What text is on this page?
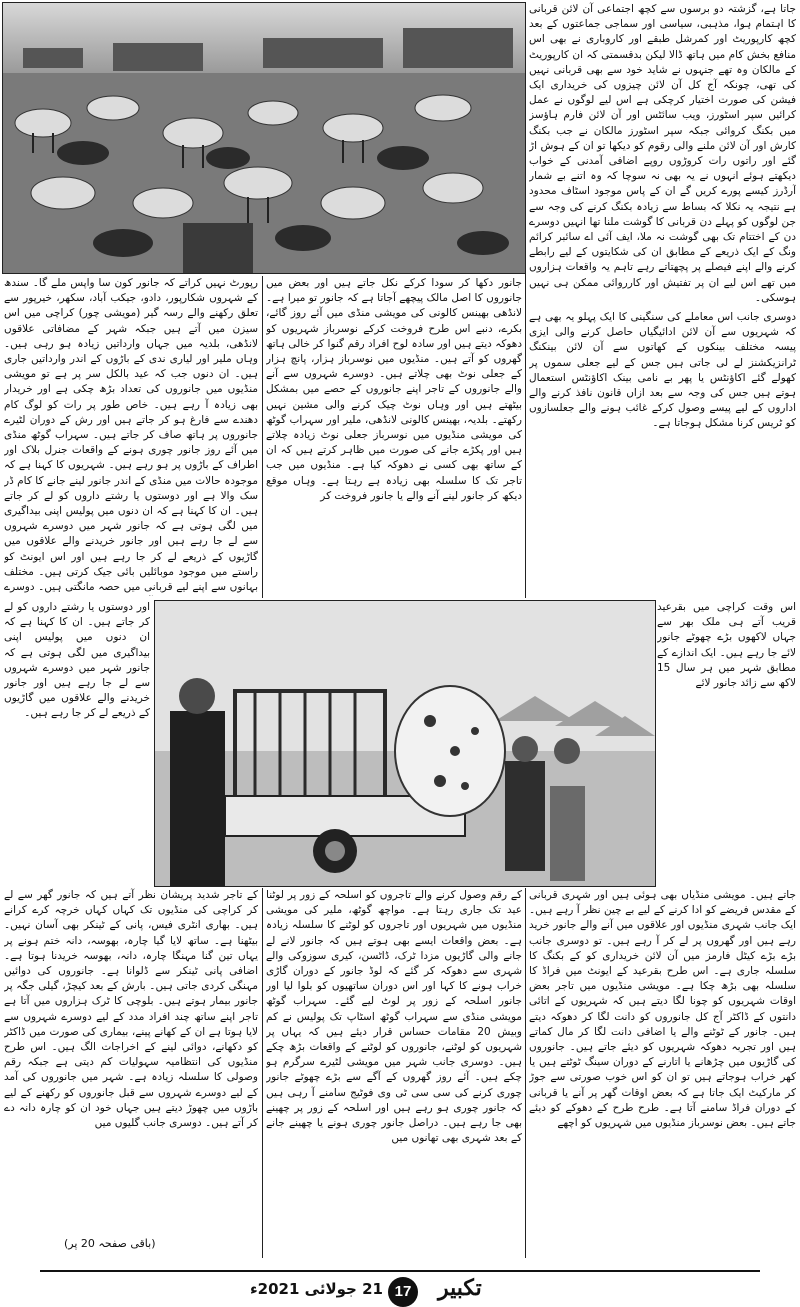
جاتا ہے، گزشتہ دو برسوں سے کچھ اجتماعی آن لائن قربانی کا اہتمام ہوا، مذہبی، سیاسی اور سماجی جماعتوں کے بعد کچھ کارپوریٹ اور کمرشل طبقے اور کاروباری نے بھی اس منافع بخش کام میں ہاتھ ڈالا لیکن بدقسمتی کہ ان کارپوریٹ کے مالکان وہ تھے جنہوں نے شاید خود سے بھی قربانی نہیں کی تھی، چونکہ آج کل آن لائن چیزوں کی خریداری ایک فیشن کی صورت اختیار کرچکی ہے اس لیے لوگوں نے عمل کرائیں سپر اسٹورز، ویب سائٹس اور آن لائن فارم ہاؤسز میں بکنگ کروائی جبکہ سپر اسٹورز مالکان نے جب بکنگ کارش اور آن لائن ملنے والی رقوم کو دیکھا تو ان کے ہوش اڑ گئے اور راتوں رات کروڑوں روپے اضافی آمدنی کے خواب دیکھتے ہوئے انہوں نے یہ بھی نہ سوچا کہ وہ اتنے بے شمار آرڈرز کیسے پورے کریں گے ان کے پاس موجود اسٹاف محدود ہے نتیجہ یہ نکلا کہ بساط سے زیادہ بکنگ کرنے کی وجہ سے جن لوگوں کو پہلے دن قربانی کا گوشت ملنا تھا انہیں دوسرے دن کے اختتام تک بھی گوشت نہ ملا، ایف آئی اے سائبر کرائم ونگ کے ایک ذریعے کے مطابق ان کی شکایتوں کے لیے رابطے کرنے والے اپنے فیصلے پر پچھتاتے رہے تاہم یہ واقعات ہزاروں میں تھے اس لیے ان پر تفتیش اور کارروائی ممکن ہی نہیں ہوسکی۔

دوسری جانب اس معاملے کی سنگینی کا ایک پہلو یہ بھی ہے کہ شہریوں سے آن لائن ادائیگیاں حاصل کرنے والی ایزی پیسہ مختلف بینکوں کے کھاتوں سے آن لائن بینکنگ ٹرانزیکشنز لے لی جاتی ہیں جس کے لیے جعلی سموں پر کھولے گئے اکاؤنٹس یا پھر بے نامی بینک اکاؤنٹس استعمال ہوتے ہیں جس کی وجہ سے بعد ازاں قانون نافذ کرنے والے اداروں کے لیے پیسے وصول کرکے غائب ہونے والے جعلسازوں کو ٹریس کرنا مشکل ہوجاتا ہے۔

اس وقت کراچی میں بقرعید قریب آتے ہی ملک بھر سے جہاں لاکھوں بڑے چھوٹے جانور لائے جا رہے ہیں۔ ایک اندازے کے مطابق شہر میں ہر سال 15 لاکھ سے زائد جانور لائے

جانور دکھا کر سودا کرکے نکل جاتے ہیں اور بعض میں جانوروں کا اصل مالک پیچھے آجاتا ہے کہ جانور تو میرا ہے۔ لانڈھی بھینس کالونی کی مویشی منڈی میں آئے روز گائے، بکرے، دنبے اس طرح فروخت کرکے نوسرباز شہریوں کو دھوکہ دیتے ہیں اور سادہ لوح افراد رقم گنوا کر خالی ہاتھ گھروں کو آتے ہیں۔ منڈیوں میں نوسرباز ہزار، پانچ ہزار کے جعلی نوٹ بھی چلاتے ہیں۔ دوسرے شہروں سے آنے والے جانوروں کے تاجر اپنے جانوروں کے حصے میں بمشکل بیٹھتے ہیں اور وہاں نوٹ چیک کرنے والی مشین نہیں رکھتے۔ بلدیہ، بھینس کالونی لانڈھی، ملیر اور سہراب گوٹھ کی مویشی منڈیوں میں نوسرباز جعلی نوٹ زیادہ چلاتے ہیں اور پکڑے جانے کی صورت میں ظاہر کرتے ہیں کہ ان کے ساتھ بھی کسی نے دھوکہ کیا ہے۔ منڈیوں میں جب تاجر تک کا سلسلہ بھی زیادہ ہے رہتا ہے۔ وہاں موقع دیکھ کر جانور لینے آنے والے یا جانور فروخت کر

رپورٹ نہیں کراتے کہ جانور کون سا واپس ملے گا۔ سندھ کے شہروں شکارپور، دادو، جیکب آباد، سکھر، خیرپور سے تعلق رکھنے والے رسہ گیر (مویشی چور) کراچی میں اس سیزن میں آتے ہیں جبکہ شہر کے مضافاتی علاقوں لانڈھی، بلدیہ میں جہاں وارداتیں زیادہ ہو رہی ہیں۔ وہاں ملیر اور لیاری ندی کے باڑوں کے اندر وارداتیں جاری ہیں۔ ان دنوں جب کہ عید بالکل سر پر ہے تو مویشی منڈیوں میں جانوروں کی تعداد بڑھ چکی ہے اور خریدار بھی زیادہ آ رہے ہیں۔ خاص طور پر رات کو لوگ کام دھندے سے فارغ ہو کر جاتے ہیں اور رش کے دوران لٹیرے جانوروں پر ہاتھ صاف کر جاتے ہیں۔ سہراب گوٹھ منڈی میں آئے روز جانور چوری ہونے کے واقعات جنرل بلاک اور اطراف کے باڑوں پر ہو رہے ہیں۔ شہریوں کا کہنا ہے کہ موجودہ حالات میں منڈی کے اندر جانور لینے جانے کا کام ڈر سک والا ہے اور دوستوں یا رشتے داروں کو لے کر جاتے ہیں۔ ان کا کہنا ہے کہ ان دنوں میں پولیس اپنی بیداگیری میں لگی ہوتی ہے کہ جانور شہر میں دوسرے شہروں سے لے جا رہے ہیں اور جانور خریدنے والے علاقوں میں گاڑیوں کے ذریعے لے کر جا رہے ہیں اور اس ایونٹ کو راستے میں موجود موبائلیں بائی جیک کرتی ہیں۔ مختلف بہانوں سے اپنے لیے قربانی میں حصہ مانگتی ہیں۔ دوسرے

اور دوستوں یا رشتے داروں کو لے کر جاتے ہیں۔ ان کا کہنا ہے کہ ان دنوں میں پولیس اپنی بیداگیری میں لگی ہوتی ہے کہ جانور شہر میں دوسرے شہروں سے لے جا رہے ہیں اور جانور خریدنے والے علاقوں میں گاڑیوں کے ذریعے لے کر جا رہے ہیں۔

جاتے ہیں۔ مویشی منڈیاں بھی ہوئی ہیں اور شہری قربانی کے مقدس فریضے کو ادا کرنے کے لیے بے چین نظر آ رہے ہیں۔ ایک جانب شہری منڈیوں اور علاقوں میں آنے والے جانور خرید رہے ہیں اور گھروں پر لے کر آ رہے ہیں۔ تو دوسری جانب بڑے بڑے کیٹل فارمز میں آن لائن خریداری کو کے بکنگ کا سلسلہ جاری ہے۔ اس طرح بقرعید کے ایونٹ میں فراڈ کا سلسلہ بھی بڑھ چکا ہے۔ مویشی منڈیوں میں تاجر بعض اوقات شہریوں کو چونا لگا دیتے ہیں کہ شہریوں کے اتائی دانتوں کے ڈاکٹر آج کل جانوروں کو دانت لگا کر دھوکہ دیتے ہیں۔ جانور کے ٹوٹنے والے یا اضافی دانت لگا کر مال کماتے ہیں اور تجربہ دھوکہ شہریوں کو دیئے جاتے ہیں۔ جانوروں کی گاڑیوں میں چڑھانے یا اتارنے کے دوران سینگ ٹوٹتے ہیں یا کھر خراب ہوجاتے ہیں تو ان کو اس خوب صورتی سے جوڑ کر مارکیٹ ایک جاتا ہے کہ بعض اوقات گھر پر آنے یا قربانی کے دوران فراڈ سامنے آتا ہے۔ طرح طرح کے دھوکے کو دیئے جاتے ہیں۔ بعض نوسرباز منڈیوں میں شہریوں کو اچھے

کے رقم وصول کرنے والے تاجروں کو اسلحہ کے زور پر لوٹنا عید تک جاری رہتا ہے۔ مواچھ گوٹھ، ملیر کی مویشی منڈیوں میں شہریوں اور تاجروں کو لوٹنے کا سلسلہ زیادہ ہے۔ بعض واقعات ایسے بھی ہوتے ہیں کہ جانور لانے لے جانے والی گاڑیوں مزدا ٹرک، ڈاٹسن، کیری سوزوکی والے شہری سے دھوکہ کر گئے کہ لوڈ جانور کے دوران گاڑی خراب ہونے کا کہا اور اس دوران ساتھیوں کو بلوا لیا اور جانور اسلحہ کے زور پر لوٹ لیے گئے۔ سہراب گوٹھ مویشی منڈی سے سہراب گوٹھ اسٹاپ تک پولیس نے کم وبیش 20 مقامات حساس قرار دیئے ہیں کہ یہاں پر شہریوں کو لوٹنے، جانوروں کو لوٹنے کے واقعات بڑھ چکے ہیں۔ دوسری جانب شہر میں مویشی لٹیرے سرگرم ہو چکے ہیں۔ آئے روز گھروں کے آگے سے بڑے چھوٹے جانور چوری کرنے کی سی سی ٹی وی فوٹیج سامنے آ رہی ہیں کہ جانور چوری ہو رہے ہیں اور اسلحہ کے زور پر چھینے بھی جا رہے ہیں۔ دراصل جانور چوری ہونے یا چھینے جانے کے بعد شہری بھی تھانوں میں

کے تاجر شدید پریشان نظر آتے ہیں کہ جانور گھر سے لے کر کراچی کی منڈیوں تک کہاں کہاں خرچہ کرے کرانے ہیں۔ بھاری انٹری فیس، پانی کے ٹینکر بھی آسان نہیں۔ بیٹھنا ہے۔ ساتھ لایا گیا چارہ، بھوسہ، دانہ ختم ہونے پر یہاں تین گنا مہنگا چارہ، دانہ، بھوسہ خریدنا ہوتا ہے۔ اضافی پانی ٹینکر سے ڈلوانا ہے۔ جانوروں کی دوائیں مہنگی کردی جاتی ہیں۔ بارش کے بعد کیچڑ، گیلی جگہ پر جانور بیمار ہوتے ہیں۔ بلوچی کا ٹرک ہزاروں میں آتا ہے تاجر اپنے ساتھ چند افراد مدد کے لیے دوسرے شہروں سے لایا ہوتا ہے ان کے کھانے پینے، بیماری کی صورت میں ڈاکٹر کو دکھانے، دوائی لینے کے اخراجات الگ ہیں۔ اس طرح منڈیوں کی انتظامیہ سہولیات کم دیتی ہے جبکہ رقم وصولی کا سلسلہ زیادہ ہے۔ شہر میں جانوروں کی آمد کے لیے دوسرے شہروں سے قبل جانوروں کو رکھنے کے لیے باڑوں میں چھوڑ دیتے ہیں جہاں خود ان کو چارہ دانہ دے کر آتے ہیں۔ دوسری جانب گلیوں میں

(باقی صفحہ 20 پر)
21 جولائی 2021ء 17	تکبیر
